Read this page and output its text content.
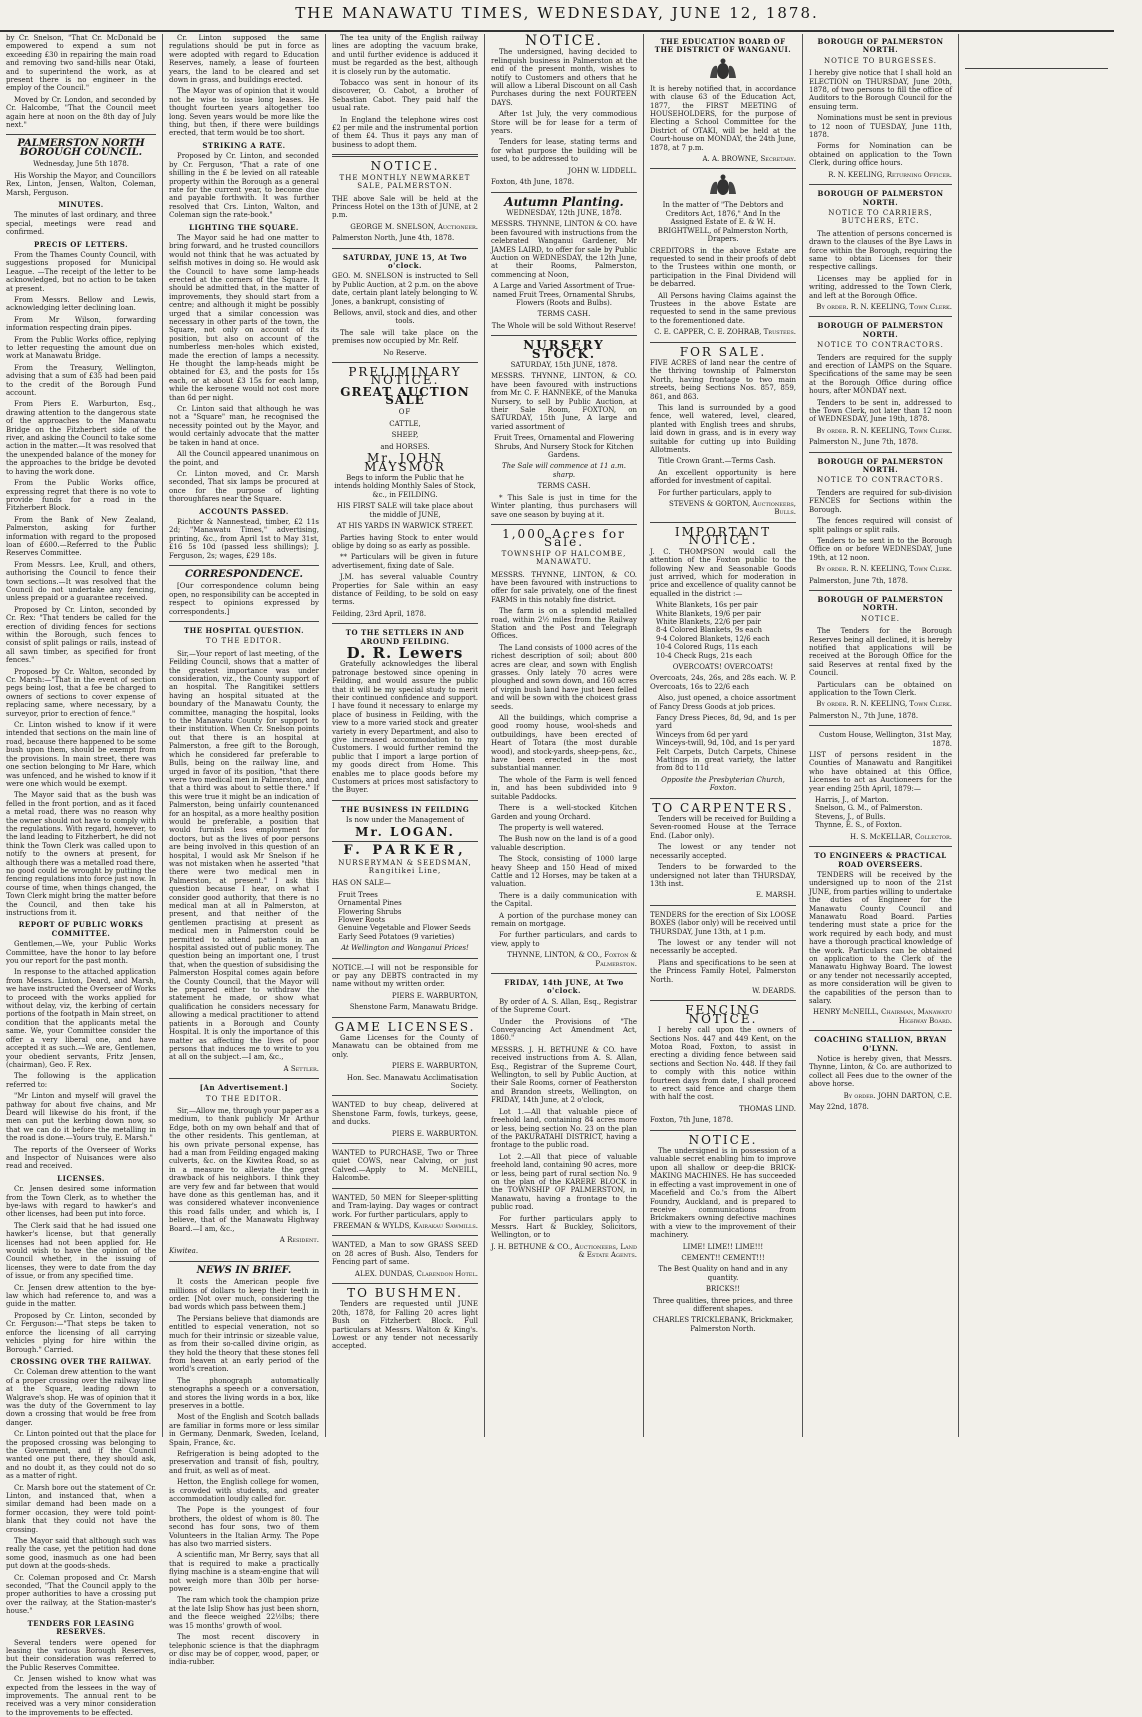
THE MANAWATU TIMES, WEDNESDAY, JUNE 12, 1878.

by Cr. Snelson, "That Cr. McDonald be empowered to expend a sum not exceeding £30 in repairing the main road and removing two sand-hills near Otaki, and to superintend the work, as at present there is no engineer in the employ of the Council."

Moved by Cr. London, and seconded by Cr. Halcombe, "That the Council meet again here at noon on the 8th day of July next."

PALMERSTON NORTH BOROUGH COUNCIL.

Wednesday, June 5th 1878.

His Worship the Mayor, and Councillors Rex, Linton, Jensen, Walton, Coleman, Marsh, Ferguson.

MINUTES.

The minutes of last ordinary, and three special, meetings were read and confirmed.

PRECIS OF LETTERS.

From the Thames County Council, with suggestions proposed for Municipal League. —The receipt of the letter to be acknowledged, but no action to be taken at present.

From Messrs. Bellow and Lewis, acknowledging letter declining loan.

From Mr Wilson, forwarding information respecting drain pipes.

From the Public Works office, replying to letter requesting the amount due on work at Manawatu Bridge.

From the Treasury, Wellington, advising that a sum of £35 had been paid to the credit of the Borough Fund account.

From Piers E. Warburton, Esq., drawing attention to the dangerous state of the approaches to the Manawatu Bridge on the Fitzherbert side of the river, and asking the Council to take some action in the matter.—It was resolved that the unexpended balance of the money for the approaches to the bridge be devoted to having the work done.

From the Public Works office, expressing regret that there is no vote to provide funds for a road in the Fitzherbert Block.

From the Bank of New Zealand, Palmerston, asking for further information with regard to the proposed loan of £600.—Referred to the Public Reserves Committee.

From Messrs. Lee, Krull, and others, authorising the Council to fence their town sections.—It was resolved that the Council do not undertake any fencing, unless prepaid or a guarantee received.

Proposed by Cr. Linton, seconded by Cr. Rex: "That tenders be called for the erection of dividing fences for sections within the Borough, such fences to consist of split palings or rails, instead of all sawn timber, as specified for front fences."

Proposed by Cr. Walton, seconded by Cr. Marsh:—"That in the event of section pegs being lost, that a fee be charged to owners of sections to cover expense of replacing same, where necessary, by a surveyor, prior to erection of fence."

Cr. Linton wished to know if it were intended that sections on the main line of road, because there happened to be some bush upon them, should be exempt from the provisions. In main street, there was one section belonging to Mr Hare, which was unfenced, and he wished to know if it were one which would be exempt.

The Mayor said that as the bush was felled in the front portion, and as it faced a metal road, there was no reason why the owner should not have to comply with the regulations. With regard, however, to the land leading to Fitzherbert, he did not think the Town Clerk was called upon to notify to the owners at present, for although there was a metalled road there, no good could be wrought by putting the fencing regulations into force just now. In course of time, when things changed, the Town Clerk might bring the matter before the Council, and then take his instructions from it.

REPORT OF PUBLIC WORKS COMMITTEE.

Gentlemen,—We, your Public Works Committee, have the honor to lay before you our report for the past month.

In response to the attached application from Messrs. Linton, Deard, and Marsh, we have instructed the Overseer of Works to proceed with the works applied for without delay, viz, the kerbing of certain portions of the footpath in Main street, on condition that the applicants metal the same. We, your Committee consider the offer a very liberal one, and have accepted it as such.—We are, Gentlemen, your obedient servants, Fritz Jensen, (chairman), Geo. F. Rex.

The following is the application referred to:

"Mr Linton and myself will gravel the pathway for about five chains, and Mr Deard will likewise do his front, if the men can put the kerbing down now, so that we can do it before the metalling in the road is done.—Yours truly, E. Marsh."

The reports of the Overseer of Works and Inspector of Nuisances were also read and received.

LICENSES.

Cr. Jensen desired some information from the Town Clerk, as to whether the bye-laws with regard to hawker's and other licenses, had been put into force.

The Clerk said that he had issued one hawker's license, but that generally licenses had not been applied for. He would wish to have the opinion of the Council whether, in the issuing of licenses, they were to date from the day of issue, or from any specified time.

Cr. Jensen drew attention to the bye-law which had reference to, and was a guide in the matter.

Proposed by Cr. Linton, seconded by Cr. Ferguson:—"That steps be taken to enforce the licensing of all carrying vehicles plying for hire within the Borough." Carried.

CROSSING OVER THE RAILWAY.

Cr. Coleman drew attention to the want of a proper crossing over the railway line at the Square, leading down to Walgrave's shop. He was of opinion that it was the duty of the Government to lay down a crossing that would be free from danger.

Cr. Linton pointed out that the place for the proposed crossing was belonging to the Government, and if the Council wanted one put there, they should ask, and no doubt it, as they could not do so as a matter of right.

Cr. Marsh bore out the statement of Cr. Linton, and instanced that, when a similar demand had been made on a former occasion, they were told point-blank that they could not have the crossing.

The Mayor said that although such was really the case, yet the petition had done some good, inasmuch as one had been put down at the goods-sheds.

Cr. Coleman proposed and Cr. Marsh seconded, "That the Council apply to the proper authorities to have a crossing put over the railway, at the Station-master's house."

TENDERS FOR LEASING RESERVES.

Several tenders were opened for leasing the various Borough Reserves, but their consideration was referred to the Public Reserves Committee.

Cr. Jensen wished to know what was expected from the lessees in the way of improvements. The annual rent to be received was a very minor consideration to the improvements to be effected.

Cr. Linton supposed the same regulations should be put in force as were adopted with regard to Education Reserves, namely, a lease of fourteen years, the land to be cleared and set down in grass, and buildings erected.

The Mayor was of opinion that it would not be wise to issue long leases. He thought fourteen years altogether too long. Seven years would be more like the thing, but then, if there were buildings erected, that term would be too short.

STRIKING A RATE.

Proposed by Cr. Linton, and seconded by Cr. Ferguson, "That a rate of one shilling in the £ be levied on all rateable property within the Borough as a general rate for the current year, to become due and payable forthwith. It was further resolved that Crs. Linton, Walton, and Coleman sign the rate-book."

LIGHTING THE SQUARE.

The Mayor said he had one matter to bring forward, and he trusted councillors would not think that he was actuated by selfish motives in doing so. He would ask the Council to have some lamp-heads erected at the corners of the Square. It should be admitted that, in the matter of improvements, they should start from a centre; and although it might be possibly urged that a similar concession was necessary in other parts of the town, the Square, not only on account of its position, but also on account of the numberless men-holes which existed, made the erection of lamps a necessity. He thought the lamp-heads might be obtained for £3, and the posts for 15s each, or at about £3 15s for each lamp, while the kerosene would not cost more than 6d per night.

Cr. Linton said that although he was not a "Square" man, he recognised the necessity pointed out by the Mayor, and would certainly advocate that the matter be taken in hand at once.

All the Council appeared unanimous on the point, and

Cr. Linton moved, and Cr. Marsh seconded, That six lamps be procured at once for the purpose of lighting thoroughfares near the Square.

ACCOUNTS PASSED.

Richter & Nannestead, timber, £2 11s 2d; "Manawatu Times," advertising, printing, &c., from April 1st to May 31st, £16 5s 10d (passed less shillings); J. Ferguson, 2s; wages, £29 18s.

CORRESPONDENCE.

[Our correspondence column being open, no responsibility can be accepted in respect to opinions expressed by correspondents.]

THE HOSPITAL QUESTION.
TO THE EDITOR.

Sir,—Your report of last meeting, of the Feilding Council, shows that a matter of the greatest importance was under consideration, viz., the County support of an hospital. The Rangitikei settlers having an hospital situated at the boundary of the Manawatu County, the committee, managing the hospital, looks to the Manawatu County for support to their institution. When Cr. Snelson points out that there is an hospital at Palmerston, a free gift to the Borough, which he considered far preferable to Bulls, being on the railway line, and urged in favor of its position, "that there were two medical men in Palmerston, and that a third was about to settle there." If this were true it might be an indication of Palmerston, being unfairly countenanced for an hospital, as a more healthy position would be preferable, a position that would furnish less employment for doctors, but as the lives of poor persons are being involved in this question of an hospital, I would ask Mr Snelson if he was not mistaken when he asserted "that there were two medical men in Palmerston, at present." I ask this question because I hear, on what I consider good authority, that there is no medical man at all in Palmerston, at present, and that neither of the gentlemen practising at present as medical men in Palmerston could be permitted to attend patients in an hospital assisted out of public money. The question being an important one, I trust that, when the question of subsidising the Palmerston Hospital comes again before the County Council, that the Mayor will be prepared either to withdraw the statement he made, or show what qualification he considers necessary for allowing a medical practitioner to attend patients in a Borough and County Hospital. It is only the importance of this matter as affecting the lives of poor persons that induces me to write to you at all on the subject.—I am, &c.,

A Settler.

[An Advertisement.]
TO THE EDITOR.

Sir,—Allow me, through your paper as a medium, to thank publicly Mr Arthur Edge, both on my own behalf and that of the other residents. This gentleman, at his own private personal expense, has had a man from Feilding engaged making culverts, &c. on the Kiwitea Road, so as in a measure to alleviate the great drawback of his neighbors. I think they are very few and far between that would have done as this gentleman has, and it was considered whatever inconvenience this road falls under, and which is, I believe, that of the Manawatu Highway Board.—I am, &c.,

A Resident.

Kiwitea.

NEWS IN BRIEF.

It costs the American people five millions of dollars to keep their teeth in order. [Not over much, considering the bad words which pass between them.]

The Persians believe that diamonds are entitled to especial veneration, not so much for their intrinsic or sizeable value, as from their so-called divine origin, as they hold the theory that these stones fell from heaven at an early period of the world's creation.

The phonograph automatically stenographs a speech or a conversation, and stores the living words in a box, like preserves in a bottle.

Most of the English and Scotch ballads are familiar in forms more or less similar in Germany, Denmark, Sweden, Iceland, Spain, France, &c.

Refrigeration is being adopted to the preservation and transit of fish, poultry, and fruit, as well as of meat.

Hetton, the English college for women, is crowded with students, and greater accommodation loudly called for.

The Pope is the youngest of four brothers, the oldest of whom is 80. The second has four sons, two of them Volunteers in the Italian Army. The Pope has also two married sisters.

A scientific man, Mr Berry, says that all that is required to make a practically flying machine is a steam-engine that will not weigh more than 30lb per horse-power.

The ram which took the champion prize at the late Islip Show has just been shorn, and the fleece weighed 22½lbs; there was 15 months' growth of wool.

The most recent discovery in telephonic science is that the diaphragm or disc may be of copper, wood, paper, or india-rubber.

The tea unity of the English railway lines are adopting the vacuum brake, and until further evidence is adduced it must be regarded as the best, although it is closely run by the automatic.

Tobacco was sent in honour of its discoverer, O. Cabot, a brother of Sebastian Cabot. They paid half the usual rate.

In England the telephone wires cost £2 per mile and the instrumental portion of them £4. Thus it pays any man of business to adopt them.

NOTICE.
THE MONTHLY NEWMARKET SALE, PALMERSTON.

THE above Sale will be held at the Princess Hotel on the 13th of JUNE, at 2 p.m.

GEORGE M. SNELSON, Auctioneer.

Palmerston North, June 4th, 1878.

SATURDAY, JUNE 15, At Two o'clock.

GEO. M. SNELSON is instructed to Sell by Public Auction, at 2 p.m. on the above date, certain plant lately belonging to W. Jones, a bankrupt, consisting of

Bellows, anvil, stock and dies, and other tools.

The sale will take place on the premises now occupied by Mr. Relf.

No Reserve.

PRELIMINARY NOTICE.
GREAT AUCTION SALE
OF

CATTLE,

SHEEP,

and HORSES.

Mr. JOHN MAYSMOR

Begs to inform the Public that he intends holding Monthly Sales of Stock, &c., in FEILDING.

HIS FIRST SALE will take place about the middle of JUNE,

AT HIS YARDS IN WARWICK STREET.

Parties having Stock to enter would oblige by doing so as early as possible.

** Particulars will be given in future advertisement, fixing date of Sale.

J.M. has several valuable Country Properties for Sale within an easy distance of Feilding, to be sold on easy terms.

Feilding, 23rd April, 1878.

TO THE SETTLERS IN AND AROUND FEILDING.
D. R. Lewers

Gratefully acknowledges the liberal patronage bestowed since opening in Feilding, and would assure the public that it will be my special study to merit their continued confidence and support. I have found it necessary to enlarge my place of business in Feilding, with the view to a more varied stock and greater variety in every Department, and also to give increased accommodation to my Customers. I would further remind the public that I import a large portion of my goods direct from Home. This enables me to place goods before my Customers at prices most satisfactory to the Buyer.

THE BUSINESS IN FEILDING

Is now under the Management of

Mr. LOGAN.
F. PARKER,
NURSERYMAN & SEEDSMAN, Rangitikei Line,

HAS ON SALE—

Fruit Trees
Ornamental Pines
Flowering Shrubs
Flower Roots
Genuine Vegetable and Flower Seeds
Early Seed Potatoes (9 varieties)

At Wellington and Wanganui Prices!

NOTICE.—I will not be responsible for or pay any DEBTS contracted in my name without my written order.

PIERS E. WARBURTON,

Shenstone Farm, Manawatu Bridge.

GAME LICENSES.

Game Licenses for the County of Manawatu can be obtained from me only.

PIERS E. WARBURTON,

Hon. Sec. Manawatu Acclimatisation Society.

WANTED to buy cheap, delivered at Shenstone Farm, fowls, turkeys, geese, and ducks.

PIERS E. WARBURTON.

WANTED to PURCHASE, Two or Three quiet COWS, near Calving, or just Calved.—Apply to M. McNEILL, Halcombe.

WANTED, 50 MEN for Sleeper-splitting and Tram-laying. Day wages or contract work. For further particulars, apply to

FREEMAN & WYLDS, Kairakau Sawmills.

WANTED, a Man to sow GRASS SEED on 28 acres of Bush. Also, Tenders for Fencing part of same.

ALEX. DUNDAS, Clarendon Hotel.

TO BUSHMEN.

Tenders are requested until JUNE 20th, 1878, for Falling 20 acres light Bush on Fitzherbert Block. Full particulars at Messrs. Walton & King's. Lowest or any tender not necessarily accepted.

NOTICE.

The undersigned, having decided to relinquish business in Palmerston at the end of the present month, wishes to notify to Customers and others that he will allow a Liberal Discount on all Cash Purchases during the next FOURTEEN DAYS.

After 1st July, the very commodious Store will be for lease for a term of years.

Tenders for lease, stating terms and for what purpose the building will be used, to be addressed to

JOHN W. LIDDELL.

Foxton, 4th June, 1878.

Autumn Planting.

WEDNESDAY, 12th JUNE, 1878.

MESSRS. THYNNE, LINTON & CO. have been favoured with instructions from the celebrated Wanganui Gardener, Mr JAMES LAIRD, to offer for sale by Public Auction on WEDNESDAY, the 12th June, at their Rooms, Palmerston, commencing at Noon,

A Large and Varied Assortment of True-named Fruit Trees, Ornamental Shrubs, Flowers (Roots and Bulbs).

TERMS CASH.

The Whole will be sold Without Reserve!

NURSERY STOCK.

SATURDAY, 15th JUNE, 1878.

MESSRS. THYNNE, LINTON, & CO. have been favoured with instructions from Mr. C. F. HANNEKE, of the Manuka Nursery, to sell by Public Auction, at their Sale Room, FOXTON, on SATURDAY, 15th June, A large and varied assortment of

Fruit Trees, Ornamental and Flowering Shrubs, And Nursery Stock for Kitchen Gardens.

The Sale will commence at 11 a.m. sharp.

TERMS CASH.

* This Sale is just in time for the Winter planting, thus purchasers will save one season by buying at it.

1,000 Acres for Sale.
TOWNSHIP OF HALCOMBE, MANAWATU.

MESSRS. THYNNE, LINTON, & CO. have been favoured with instructions to offer for sale privately, one of the finest FARMS in this notably fine district.

The farm is on a splendid metalled road, within 2½ miles from the Railway Station and the Post and Telegraph Offices.

The Land consists of 1000 acres of the richest description of soil; about 800 acres are clear, and sown with English grasses. Only lately 70 acres were ploughed and sown down, and 160 acres of virgin bush land have just been felled and will be sown with the choicest grass seeds.

All the buildings, which comprise a good roomy house, wool-sheds and outbuildings, have been erected of Heart of Totara (the most durable wood), and stock-yards, sheep-pens, &c., have been erected in the most substantial manner.

The whole of the Farm is well fenced in, and has been subdivided into 9 suitable Paddocks.

There is a well-stocked Kitchen Garden and young Orchard.

The property is well watered.

The Bush now on the land is of a good valuable description.

The Stock, consisting of 1000 large heavy Sheep and 150 Head of mixed Cattle and 12 Horses, may be taken at a valuation.

There is a daily communication with the Capital.

A portion of the purchase money can remain on mortgage.

For further particulars, and cards to view, apply to

THYNNE, LINTON, & CO., Foxton & Palmerston.

FRIDAY, 14th JUNE, At Two o'clock.

By order of A. S. Allan, Esq., Registrar of the Supreme Court.

Under the Provisions of "The Conveyancing Act Amendment Act, 1860."

MESSRS. J. H. BETHUNE & CO. have received instructions from A. S. Allan, Esq., Registrar of the Supreme Court, Wellington, to sell by Public Auction, at their Sale Rooms, corner of Featherston and Brandon streets, Wellington, on FRIDAY, 14th June, at 2 o'clock,

Lot 1.—All that valuable piece of freehold land, containing 84 acres more or less, being section No. 23 on the plan of the PAKURATAHI DISTRICT, having a frontage to the public road.

Lot 2.—All that piece of valuable freehold land, containing 90 acres, more or less, being part of rural section No. 9 on the plan of the KARERE BLOCK in the TOWNSHIP OF PALMERSTON, in Manawatu, having a frontage to the public road.

For further particulars apply to Messrs. Hart & Buckley, Solicitors, Wellington, or to

J. H. BETHUNE & CO., Auctioneers, Land & Estate Agents.

THE EDUCATION BOARD OF THE DISTRICT OF WANGANUI.

It is hereby notified that, in accordance with clause 63 of the Education Act, 1877, the FIRST MEETING of HOUSEHOLDERS, for the purpose of Electing a School Committee for the District of OTAKI, will be held at the Court-house on MONDAY, the 24th June, 1878, at 7 p.m.

A. A. BROWNE, Secretary.

In the matter of "The Debtors and Creditors Act, 1876," And In the Assigned Estate of E. & W. H. BRIGHTWELL, of Palmerston North, Drapers.

CREDITORS in the above Estate are requested to send in their proofs of debt to the Trustees within one month, or participation in the Final Dividend will be debarred.

All Persons having Claims against the Trustees in the above Estate are requested to send in the same previous to the forementioned date.

C. E. CAPPER, C. E. ZOHRAB, Trustees.

FOR SALE.

FIVE ACRES of land near the centre of the thriving township of Palmerston North, having frontage to two main streets, being Sections Nos. 857, 859, 861, and 863.

This land is surrounded by a good fence, well watered, level, cleared, planted with English trees and shrubs, laid down in grass, and is in every way suitable for cutting up into Building Allotments.

Title Crown Grant.—Terms Cash.

An excellent opportunity is here afforded for investment of capital.

For further particulars, apply to

STEVENS & GORTON, Auctioneers, Bulls.

IMPORTANT NOTICE.

J. C. THOMPSON would call the attention of the Foxton public to the following New and Seasonable Goods just arrived, which for moderation in price and excellence of quality cannot be equalled in the district :—

White Blankets, 16s per pair
White Blankets, 19/6 per pair
White Blankets, 22/6 per pair
8-4 Colored Blankets, 9s each
9-4 Colored Blankets, 12/6 each
10-4 Colored Rugs, 11s each
10-4 Check Rugs, 21s each

OVERCOATS! OVERCOATS!

Overcoats, 24s, 26s, and 28s each. W. P. Overcoats, 16s to 22/6 each

Also, just opened, a choice assortment of Fancy Dress Goods at job prices.

Fancy Dress Pieces, 8d, 9d, and 1s per yard
Winceys from 6d per yard
Winceys-twill, 9d, 10d, and 1s per yard
Felt Carpets, Dutch Carpets, Chinese Mattings in great variety, the latter from 8d to 11d

Opposite the Presbyterian Church, Foxton.

TO CARPENTERS.

Tenders will be received for Building a Seven-roomed House at the Terrace End. (Labor only).

The lowest or any tender not necessarily accepted.

Tenders to be forwarded to the undersigned not later than THURSDAY, 13th inst.

E. MARSH.

TENDERS for the erection of Six LOOSE BOXES (labor only) will be received until THURSDAY, June 13th, at 1 p.m.

The lowest or any tender will not necessarily be accepted.

Plans and specifications to be seen at the Princess Family Hotel, Palmerston North.

W. DEARDS.

FENCING NOTICE.

I hereby call upon the owners of Sections Nos. 447 and 449 Kent, on the Motoa Road, Foxton, to assist in erecting a dividing fence between said sections and Section No. 448. If they fail to comply with this notice within fourteen days from date, I shall proceed to erect said fence and charge them with half the cost.

THOMAS LIND.

Foxton, 7th June, 1878.

NOTICE.

The undersigned is in possession of a valuable secret enabling him to improve upon all shallow or deep-die BRICK-MAKING MACHINES. He has succeeded in effecting a vast improvement in one of Macefield and Co.'s from the Albert Foundry, Auckland, and is prepared to receive communications from Brickmakers owning defective machines with a view to the improvement of their machinery.

LIME! LIME!! LIME!!!

CEMENT!! CEMENT!!!

The Best Quality on hand and in any quantity.

BRICKS!!

Three qualities, three prices, and three different shapes.

CHARLES TRICKLEBANK, Brickmaker, Palmerston North.

BOROUGH OF PALMERSTON NORTH.
NOTICE TO BURGESSES.

I hereby give notice that I shall hold an ELECTION on THURSDAY, June 20th, 1878, of two persons to fill the office of Auditors to the Borough Council for the ensuing term.

Nominations must be sent in previous to 12 noon of TUESDAY, June 11th, 1878.

Forms for Nomination can be obtained on application to the Town Clerk, during office hours.

R. N. KEELING, Returning Officer.

BOROUGH OF PALMERSTON NORTH.
NOTICE TO CARRIERS, BUTCHERS, ETC.

The attention of persons concerned is drawn to the clauses of the Bye Laws in force within the Borough, requiring the same to obtain Licenses for their respective callings.

Licenses may be applied for in writing, addressed to the Town Clerk, and left at the Borough Office.

By order. R. N. KEELING, Town Clerk.

BOROUGH OF PALMERSTON NORTH.
NOTICE TO CONTRACTORS.

Tenders are required for the supply and erection of LAMPS on the Square. Specifications of the same may be seen at the Borough Office during office hours, after MONDAY next.

Tenders to be sent in, addressed to the Town Clerk, not later than 12 noon of WEDNESDAY, June 19th, 1878.

By order. R. N. KEELING, Town Clerk.

Palmerston N., June 7th, 1878.

BOROUGH OF PALMERSTON NORTH.
NOTICE TO CONTRACTORS.

Tenders are required for sub-division FENCES for Sections within the Borough.

The fences required will consist of split palings or split rails.

Tenders to be sent in to the Borough Office on or before WEDNESDAY, June 19th, at 12 noon.

By order. R. N. KEELING, Town Clerk.

Palmerston, June 7th, 1878.

BOROUGH OF PALMERSTON NORTH.
NOTICE.

The Tenders for the Borough Reserves being all declined, it is hereby notified that applications will be received at the Borough Office for the said Reserves at rental fixed by the Council.

Particulars can be obtained on application to the Town Clerk.

By order. R. N. KEELING, Town Clerk.

Palmerston N., 7th June, 1878.

Custom House, Wellington, 31st May, 1878.

LIST of persons resident in the Counties of Manawatu and Rangitikei who have obtained at this Office, Licenses to act as Auctioneers for the year ending 25th April, 1879:—

Harris, J., of Marton.
Snelson, G. M., of Palmerston.
Stevens, J., of Bulls.
Thynne, E. S., of Foxton.

H. S. McKELLAR, Collector.

TO ENGINEERS & PRACTICAL ROAD OVERSEERS.

TENDERS will be received by the undersigned up to noon of the 21st JUNE, from parties willing to undertake the duties of Engineer for the Manawatu County Council and Manawatu Road Board. Parties tendering must state a price for the work required by each body, and must have a thorough practical knowledge of the work. Particulars can be obtained on application to the Clerk of the Manawatu Highway Board. The lowest or any tender not necessarily accepted, as more consideration will be given to the capabilities of the person than to salary.

HENRY McNEILL, Chairman, Manawatu Highway Board.

COACHING STALLION, BRYAN O'LYNN.

Notice is hereby given, that Messrs. Thynne, Linton, & Co. are authorized to collect all Fees due to the owner of the above horse.

By order. JOHN DARTON, C.E.

May 22nd, 1878.
